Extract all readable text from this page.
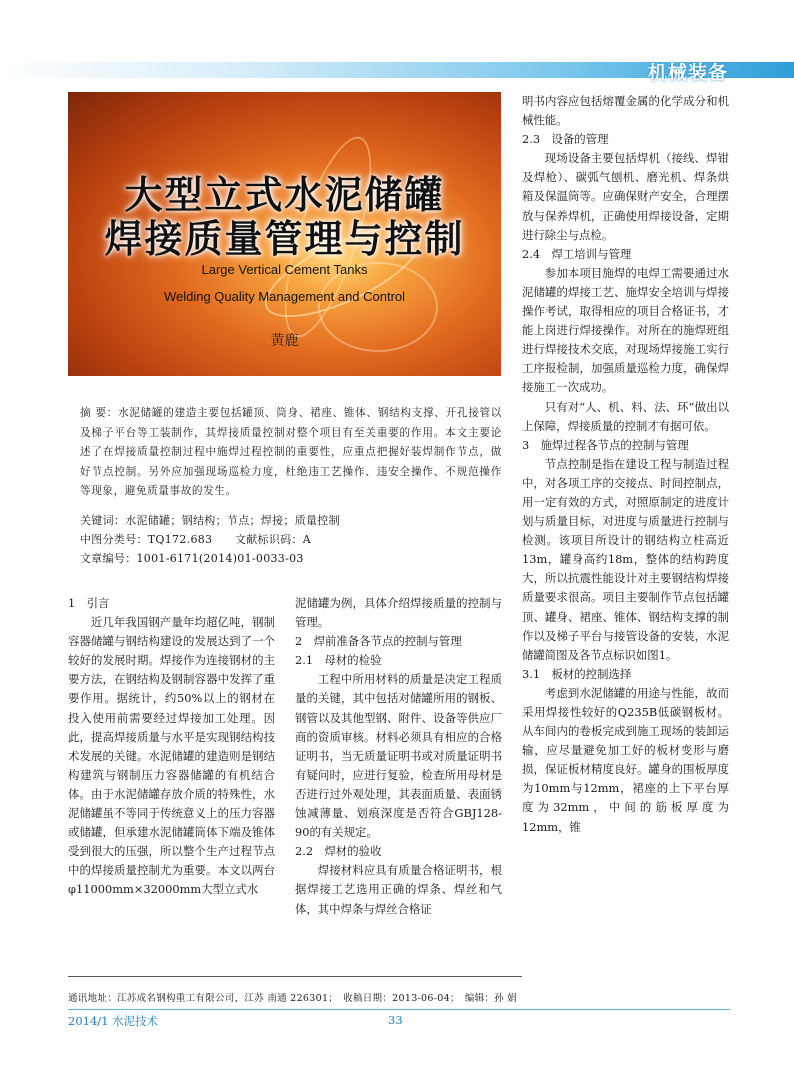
机械装备
大型立式水泥储罐
焊接质量管理与控制
Large Vertical Cement Tanks
Welding Quality Management and Control
黄鹿

摘 要：水泥储罐的建造主要包括罐顶、筒身、裙座、锥体、钢结构支撑、开孔接管以及梯子平台等工装制作，其焊接质量控制对整个项目有至关重要的作用。本文主要论述了在焊接质量控制过程中施焊过程控制的重要性，应重点把握好装焊制作节点，做好节点控制。另外应加强现场巡检力度，杜绝违工艺操作、违安全操作、不规范操作等现象，避免质量事故的发生。

关键词：水泥储罐；钢结构；节点；焊接；质量控制
中图分类号：TQ172.683　　文献标识码：A
文章编号：1001-6171(2014)01-0033-03

1　引言

近几年我国钢产量年均超亿吨，钢制容器储罐与钢结构建设的发展达到了一个较好的发展时期。焊接作为连接钢材的主要方法，在钢结构及钢制容器中发挥了重要作用。据统计，约50%以上的钢材在投入使用前需要经过焊接加工处理。因此，提高焊接质量与水平是实现钢结构技术发展的关键。水泥储罐的建造则是钢结构建筑与钢制压力容器储罐的有机结合体。由于水泥储罐存放介质的特殊性，水泥储罐虽不等同于传统意义上的压力容器或储罐，但承建水泥储罐筒体下端及锥体受到很大的压强，所以整个生产过程节点中的焊接质量控制尤为重要。本文以两台φ11000mm×32000mm大型立式水

泥储罐为例，具体介绍焊接质量的控制与管理。

2　焊前准备各节点的控制与管理

2.1　母材的检验

工程中所用材料的质量是决定工程质量的关键，其中包括对储罐所用的钢板、钢管以及其他型钢、附件、设备等供应厂商的资质审核。材料必须具有相应的合格证明书，当无质量证明书或对质量证明书有疑问时，应进行复验，检查所用母材是否进行过外观处理，其表面质量、表面锈蚀减薄量、划痕深度是否符合GBJ128-90的有关规定。

2.2　焊材的验收

焊接材料应具有质量合格证明书，根据焊接工艺选用正确的焊条、焊丝和气体，其中焊条与焊丝合格证

明书内容应包括熔覆金属的化学成分和机械性能。

2.3　设备的管理

现场设备主要包括焊机（接线、焊钳及焊枪）、碳弧气刨机、磨光机、焊条烘箱及保温筒等。应确保财产安全，合理摆放与保养焊机，正确使用焊接设备，定期进行除尘与点检。

2.4　焊工培训与管理

参加本项目施焊的电焊工需要通过水泥储罐的焊接工艺、施焊安全培训与焊接操作考试，取得相应的项目合格证书，才能上岗进行焊接操作。对所在的施焊班组进行焊接技术交底，对现场焊接施工实行工序报检制，加强质量巡检力度，确保焊接施工一次成功。

只有对“人、机、料、法、环”做出以上保障，焊接质量的控制才有据可依。

3　施焊过程各节点的控制与管理

节点控制是指在建设工程与制造过程中，对各项工序的交接点、时间控制点，用一定有效的方式，对照原制定的进度计划与质量目标，对进度与质量进行控制与检测。该项目所设计的钢结构立柱高近13m，罐身高约18m，整体的结构跨度大，所以抗震性能设计对主要钢结构焊接质量要求很高。项目主要制作节点包括罐顶、罐身、裙座、锥体、钢结构支撑的制作以及梯子平台与接管设备的安装，水泥储罐简图及各节点标识如图1。

3.1　板材的控制选择

考虑到水泥储罐的用途与性能，故而采用焊接性较好的Q235B低碳钢板材。从车间内的卷板完成到施工现场的装卸运输，应尽量避免加工好的板材变形与磨损，保证板材精度良好。罐身的围板厚度为10mm与12mm，裙座的上下平台厚度为32mm，中间的筋板厚度为12mm，锥

通讯地址：江苏成名钢构重工有限公司，江苏 南通 226301；　收稿日期：2013-06-04；　编辑：孙 娟
2014/1 水泥技术	33
